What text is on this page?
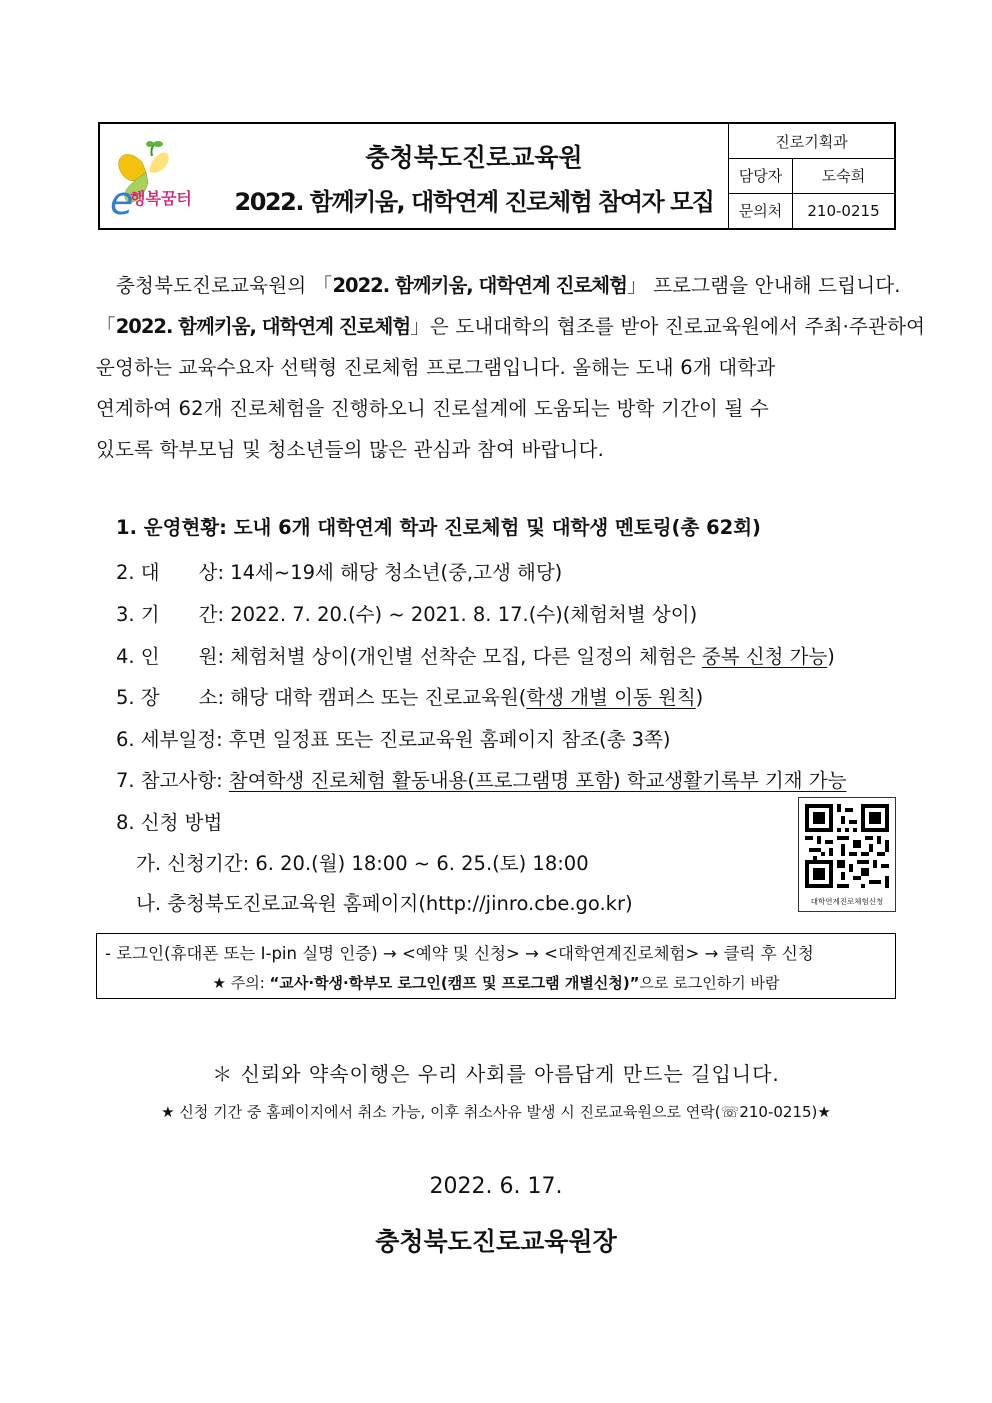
e
행복꿈터
충청북도진로교육원
2022. 함께키움, 대학연계 진로체험 참여자 모집
진로기획과
담당자	도숙희
문의처	210-0215
충청북도진로교육원의 「2022. 함께키움, 대학연계 진로체험」 프로그램을 안내해 드립니다.
「2022. 함께키움, 대학연계 진로체험」은 도내대학의 협조를 받아 진로교육원에서 주최·주관하여
운영하는 교육수요자 선택형 진로체험 프로그램입니다. 올해는 도내 6개 대학과
연계하여 62개 진로체험을 진행하오니 진로설계에 도움되는 방학 기간이 될 수
있도록 학부모님 및 청소년들의 많은 관심과 참여 바랍니다.
1. 운영현황: 도내 6개 대학연계 학과 진로체험 및 대학생 멘토링(총 62회)
2. 대　　상: 14세~19세 해당 청소년(중,고생 해당)
3. 기　　간: 2022. 7. 20.(수) ~ 2021. 8. 17.(수)(체험처별 상이)
4. 인　　원: 체험처별 상이(개인별 선착순 모집, 다른 일정의 체험은 중복 신청 가능)
5. 장　　소: 해당 대학 캠퍼스 또는 진로교육원(학생 개별 이동 원칙)
6. 세부일정: 후면 일정표 또는 진로교육원 홈페이지 참조(총 3쪽)
7. 참고사항: 참여학생 진로체험 활동내용(프로그램명 포함) 학교생활기록부 기재 가능
8. 신청 방법
가. 신청기간: 6. 20.(월) 18:00 ~ 6. 25.(토) 18:00
나. 충청북도진로교육원 홈페이지(http://jinro.cbe.go.kr)	대학연계진로체험신청
- 로그인(휴대폰 또는 I-pin 실명 인증) → <예약 및 신청> → <대학연계진로체험> → 클릭 후 신청
★ 주의: “교사·학생·학부모 로그인(캠프 및 프로그램 개별신청)”으로 로그인하기 바람
＊ 신뢰와 약속이행은 우리 사회를 아름답게 만드는 길입니다.
★ 신청 기간 중 홈페이지에서 취소 가능, 이후 취소사유 발생 시 진로교육원으로 연락(☏210-0215)★
2022. 6. 17.
충청북도진로교육원장
